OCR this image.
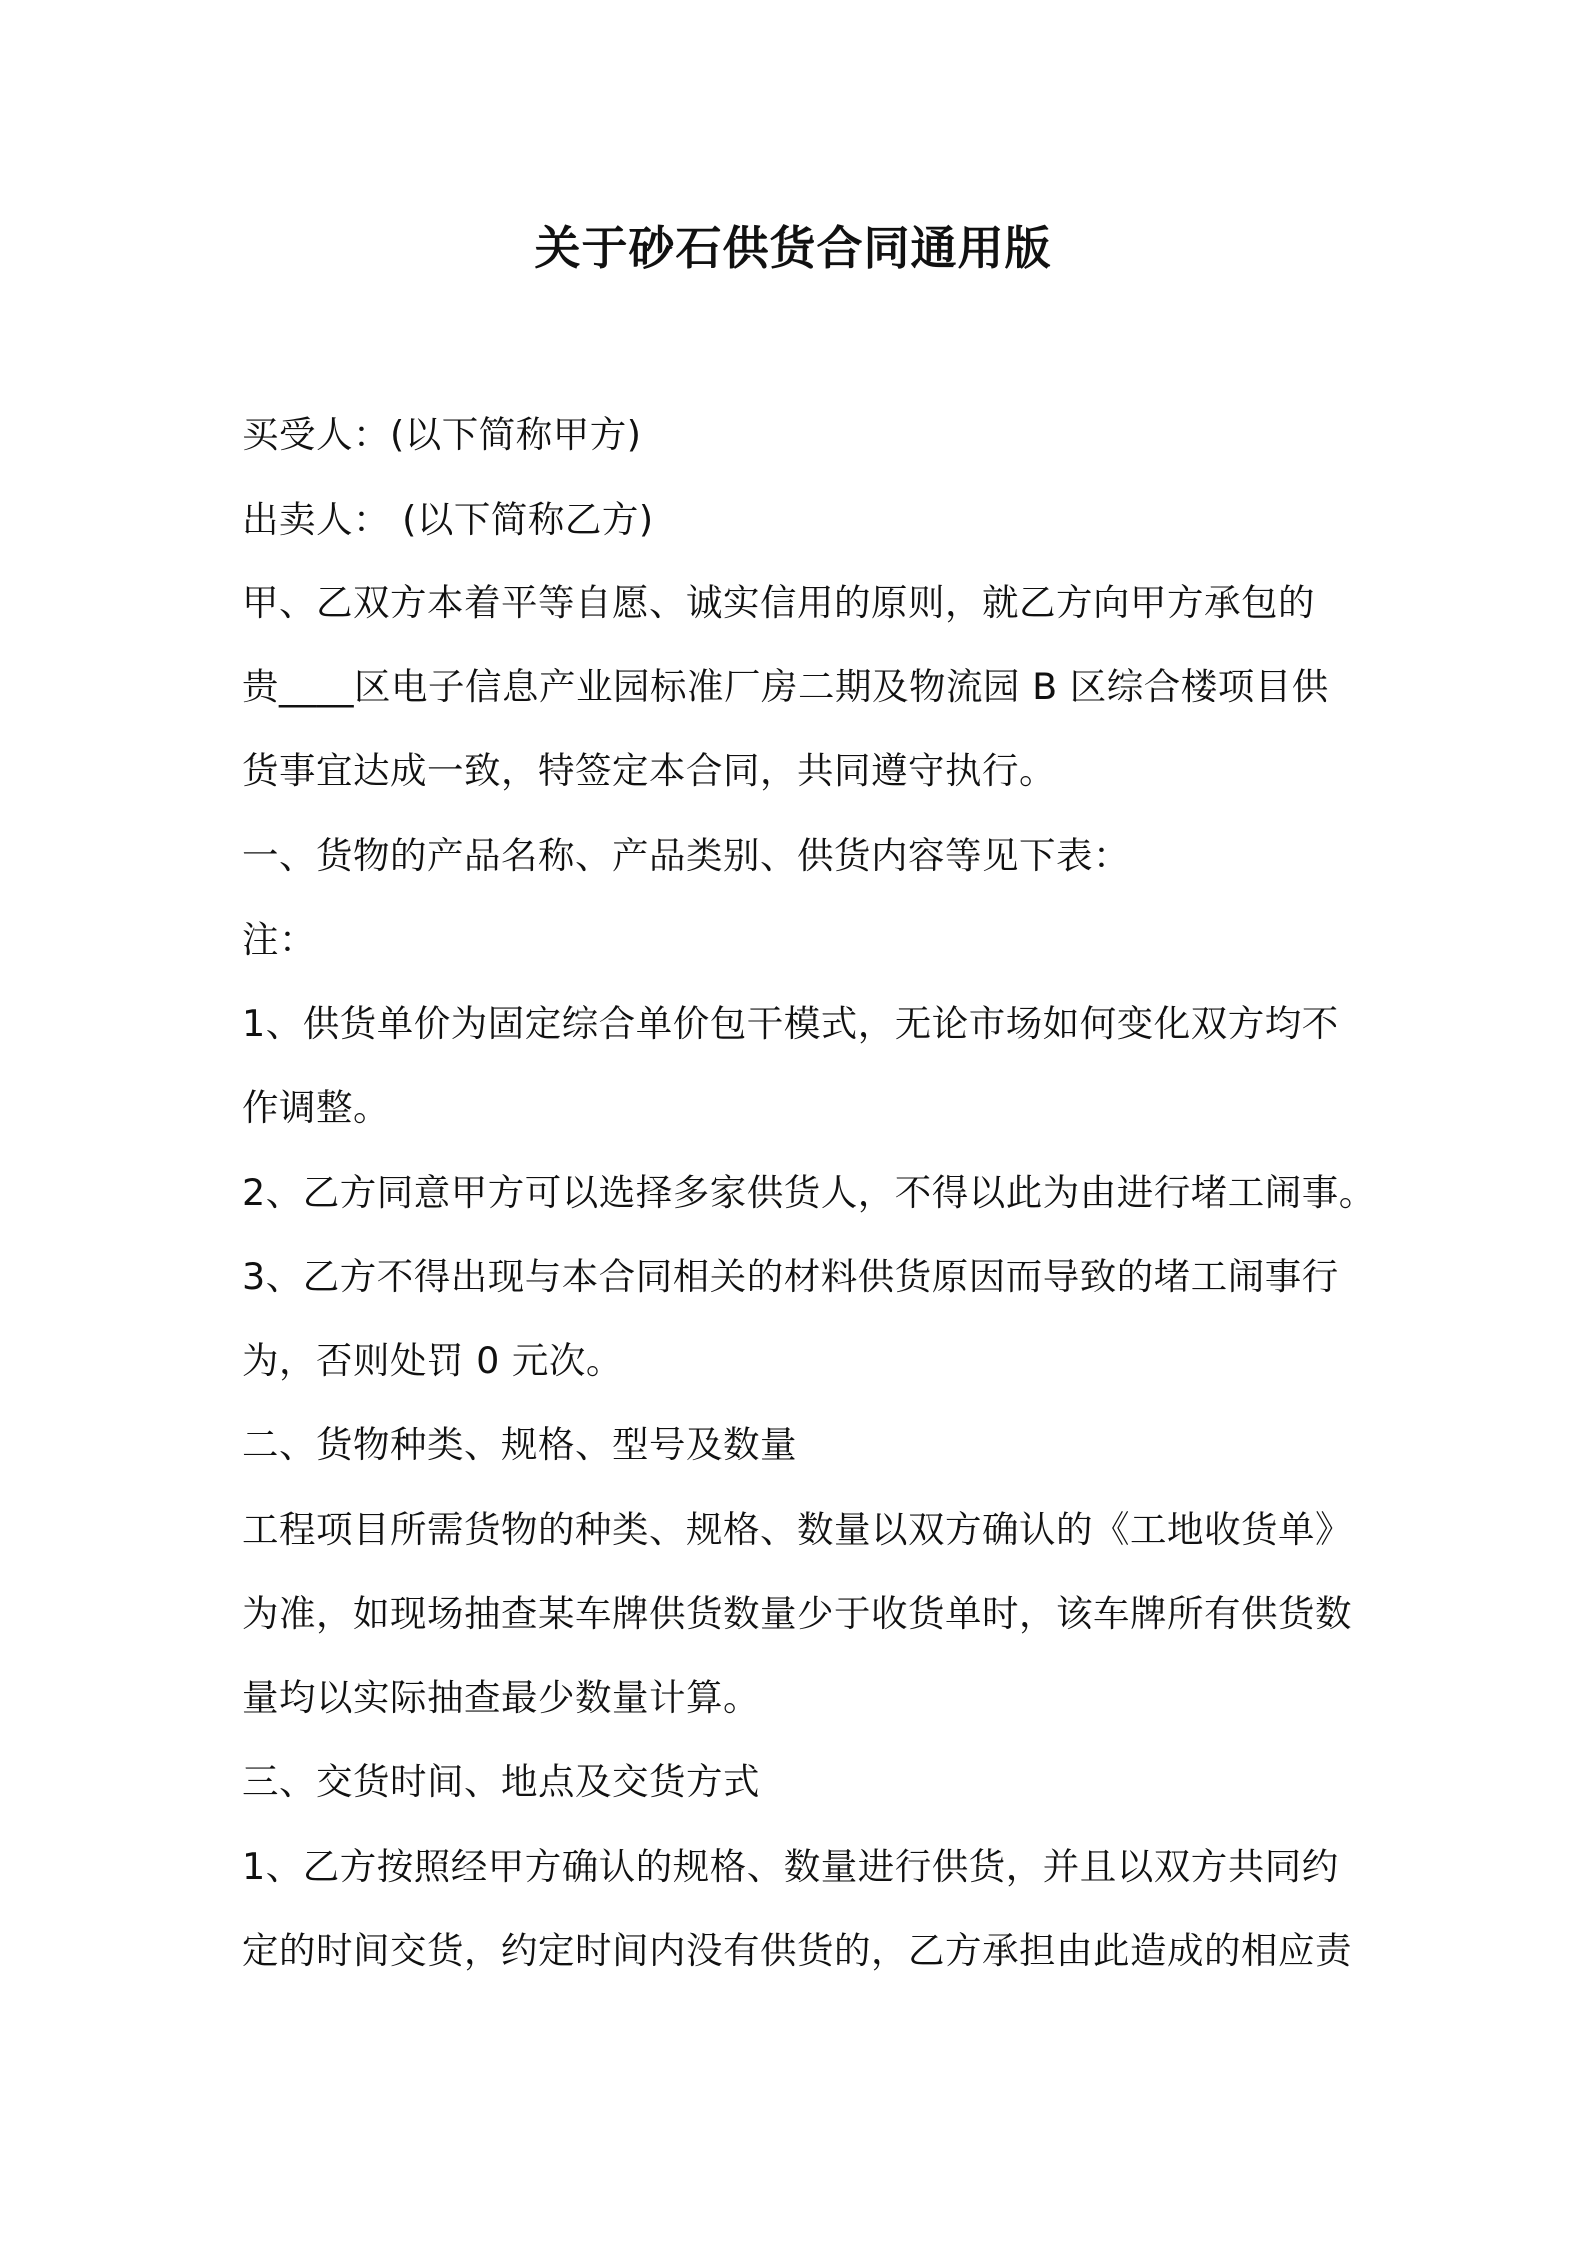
关于砂石供货合同通用版

买受人：(以下简称甲方)

出卖人： (以下简称乙方)

甲、乙双方本着平等自愿、诚实信用的原则，就乙方向甲方承包的

贵____区电子信息产业园标准厂房二期及物流园 B 区综合楼项目供

货事宜达成一致，特签定本合同，共同遵守执行。

一、货物的产品名称、产品类别、供货内容等见下表：

注：

1、供货单价为固定综合单价包干模式，无论市场如何变化双方均不

作调整。

2、乙方同意甲方可以选择多家供货人，不得以此为由进行堵工闹事。

3、乙方不得出现与本合同相关的材料供货原因而导致的堵工闹事行

为，否则处罚 0 元次。

二、货物种类、规格、型号及数量

工程项目所需货物的种类、规格、数量以双方确认的《工地收货单》

为准，如现场抽查某车牌供货数量少于收货单时，该车牌所有供货数

量均以实际抽查最少数量计算。

三、交货时间、地点及交货方式

1、乙方按照经甲方确认的规格、数量进行供货，并且以双方共同约

定的时间交货，约定时间内没有供货的，乙方承担由此造成的相应责
